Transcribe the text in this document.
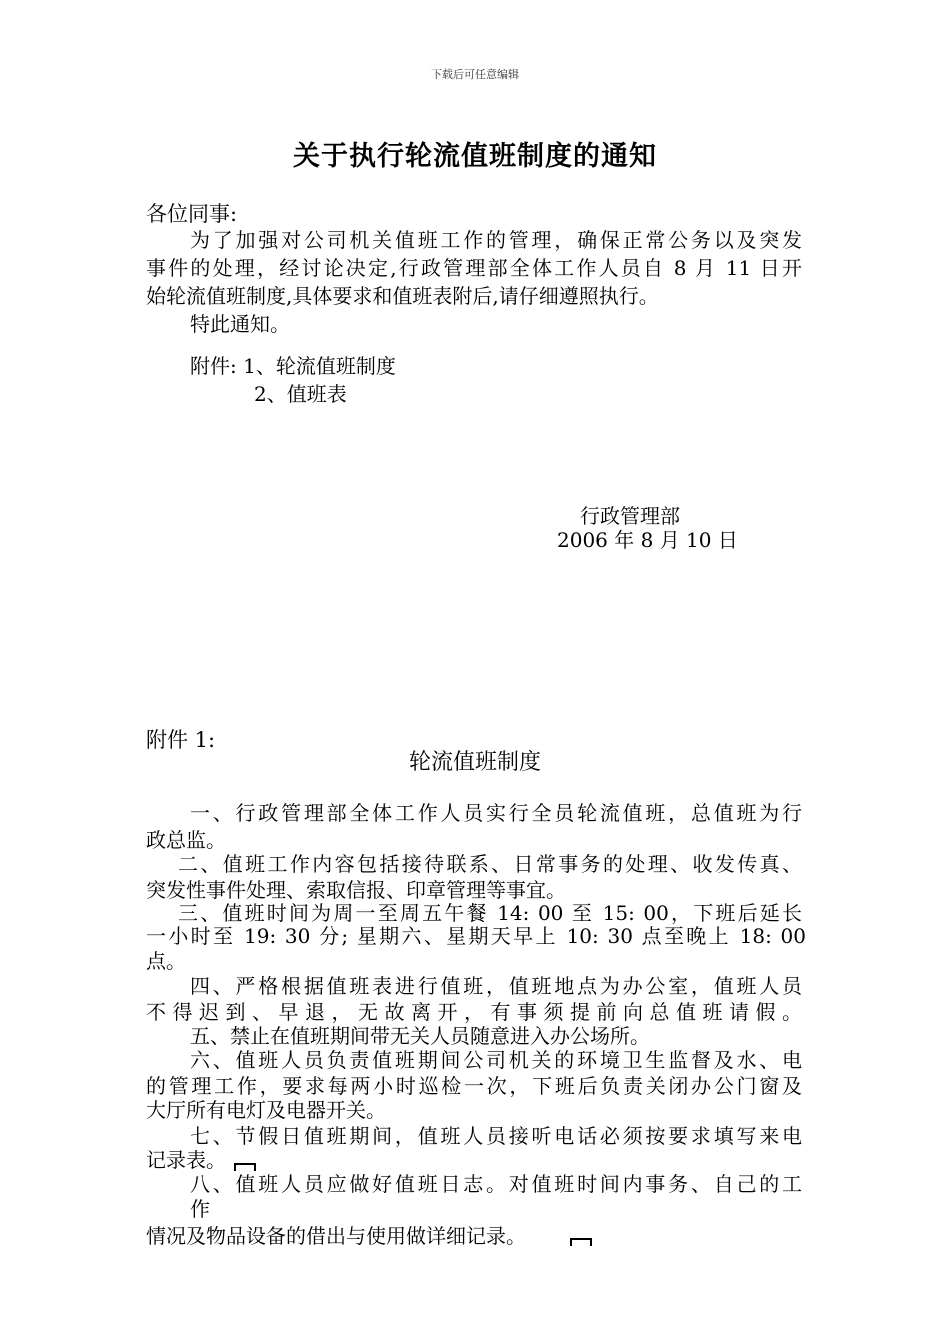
下载后可任意编辑
关于执行轮流值班制度的通知
各位同事:
为了加强对公司机关值班工作的管理，确保正常公务以及突发
事件的处理，经讨论决定,行政管理部全体工作人员自 8 月 11 日开
始轮流值班制度,具体要求和值班表附后,请仔细遵照执行。
特此通知。
附件: 1、轮流值班制度
2、值班表
行政管理部
2006 年 8 月 10 日
附件 1:
轮流值班制度
一、行政管理部全体工作人员实行全员轮流值班，总值班为行
政总监。
二、值班工作内容包括接待联系、日常事务的处理、收发传真、
突发性事件处理、索取信报、印章管理等事宜。
三、值班时间为周一至周五午餐 14: 00 至 15: 00，下班后延长
一小时至 19: 30 分; 星期六、星期天早上 10: 30 点至晚上 18: 00
点。
四、严格根据值班表进行值班，值班地点为办公室，值班人员
不得迟到、早退，无故离开，有事须提前向总值班请假。
五、禁止在值班期间带无关人员随意进入办公场所。
六、值班人员负责值班期间公司机关的环境卫生监督及水、电
的管理工作，要求每两小时巡检一次，下班后负责关闭办公门窗及
大厅所有电灯及电器开关。
七、节假日值班期间，值班人员接听电话必须按要求填写来电
记录表。
八、值班人员应做好值班日志。对值班时间内事务、自己的工
作
情况及物品设备的借出与使用做详细记录。
